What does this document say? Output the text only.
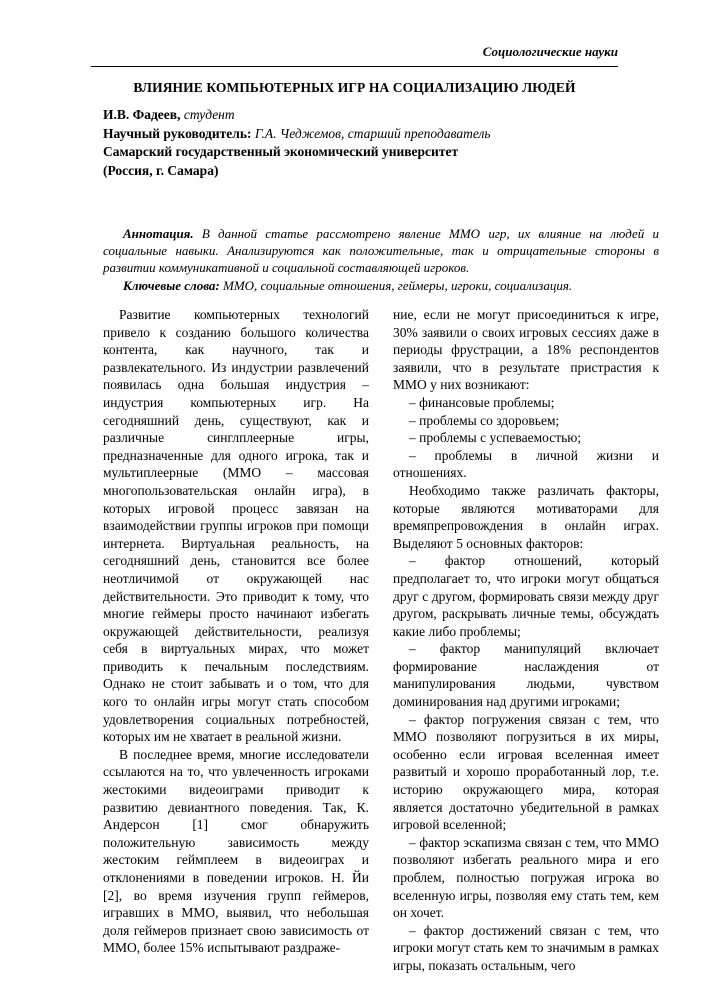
Социологические науки
ВЛИЯНИЕ КОМПЬЮТЕРНЫХ ИГР НА СОЦИАЛИЗАЦИЮ ЛЮДЕЙ
И.В. Фадеев, студент
Научный руководитель: Г.А. Чеджемов, старший преподаватель
Самарский государственный экономический университет
(Россия, г. Самара)
Аннотация. В данной статье рассмотрено явление ММО игр, их влияние на людей и социальные навыки. Анализируются как положительные, так и отрицательные стороны в развитии коммуникативной и социальной составляющей игроков.
Ключевые слова: ММО, социальные отношения, геймеры, игроки, социализация.

Развитие компьютерных технологий привело к созданию большого количества контента, как научного, так и развлекательного. Из индустрии развлечений появилась одна большая индустрия – индустрия компьютерных игр. На сегодняшний день, существуют, как и различные синглплеерные игры, предназначенные для одного игрока, так и мультиплеерные (ММО – массовая многопользовательская онлайн игра), в которых игровой процесс завязан на взаимодействии группы игроков при помощи интернета. Виртуальная реальность, на сегодняшний день, становится все более неотличимой от окружающей нас действительности. Это приводит к тому, что многие геймеры просто начинают избегать окружающей действительности, реализуя себя в виртуальных мирах, что может приводить к печальным последствиям. Однако не стоит забывать и о том, что для кого то онлайн игры могут стать способом удовлетворения социальных потребностей, которых им не хватает в реальной жизни.

В последнее время, многие исследователи ссылаются на то, что увлеченность игроками жестокими видеоиграми приводит к развитию девиантного поведения. Так, К. Андерсон [1] смог обнаружить положительную зависимость между жестоким геймплеем в видеоиграх и отклонениями в поведении игроков. Н. Йи [2], во время изучения групп геймеров, игравших в ММО, выявил, что небольшая доля геймеров признает свою зависимость от ММО, более 15% испытывают раздраже-

ние, если не могут присоединиться к игре, 30% заявили о своих игровых сессиях даже в периоды фрустрации, а 18% респондентов заявили, что в результате пристрастия к ММО у них возникают:

– финансовые проблемы;

– проблемы со здоровьем;

– проблемы с успеваемостью;

– проблемы в личной жизни и отношениях.

Необходимо также различать факторы, которые являются мотиваторами для времяпрепровождения в онлайн играх. Выделяют 5 основных факторов:

– фактор отношений, который предполагает то, что игроки могут общаться друг с другом, формировать связи между друг другом, раскрывать личные темы, обсуждать какие либо проблемы;

– фактор манипуляций включает формирование наслаждения от манипулирования людьми, чувством доминирования над другими игроками;

– фактор погружения связан с тем, что ММО позволяют погрузиться в их миры, особенно если игровая вселенная имеет развитый и хорошо проработанный лор, т.е. историю окружающего мира, которая является достаточно убедительной в рамках игровой вселенной;

– фактор эскапизма связан с тем, что ММО позволяют избегать реального мира и его проблем, полностью погружая игрока во вселенную игры, позволяя ему стать тем, кем он хочет.

– фактор достижений связан с тем, что игроки могут стать кем то значимым в рамках игры, показать остальным, чего
